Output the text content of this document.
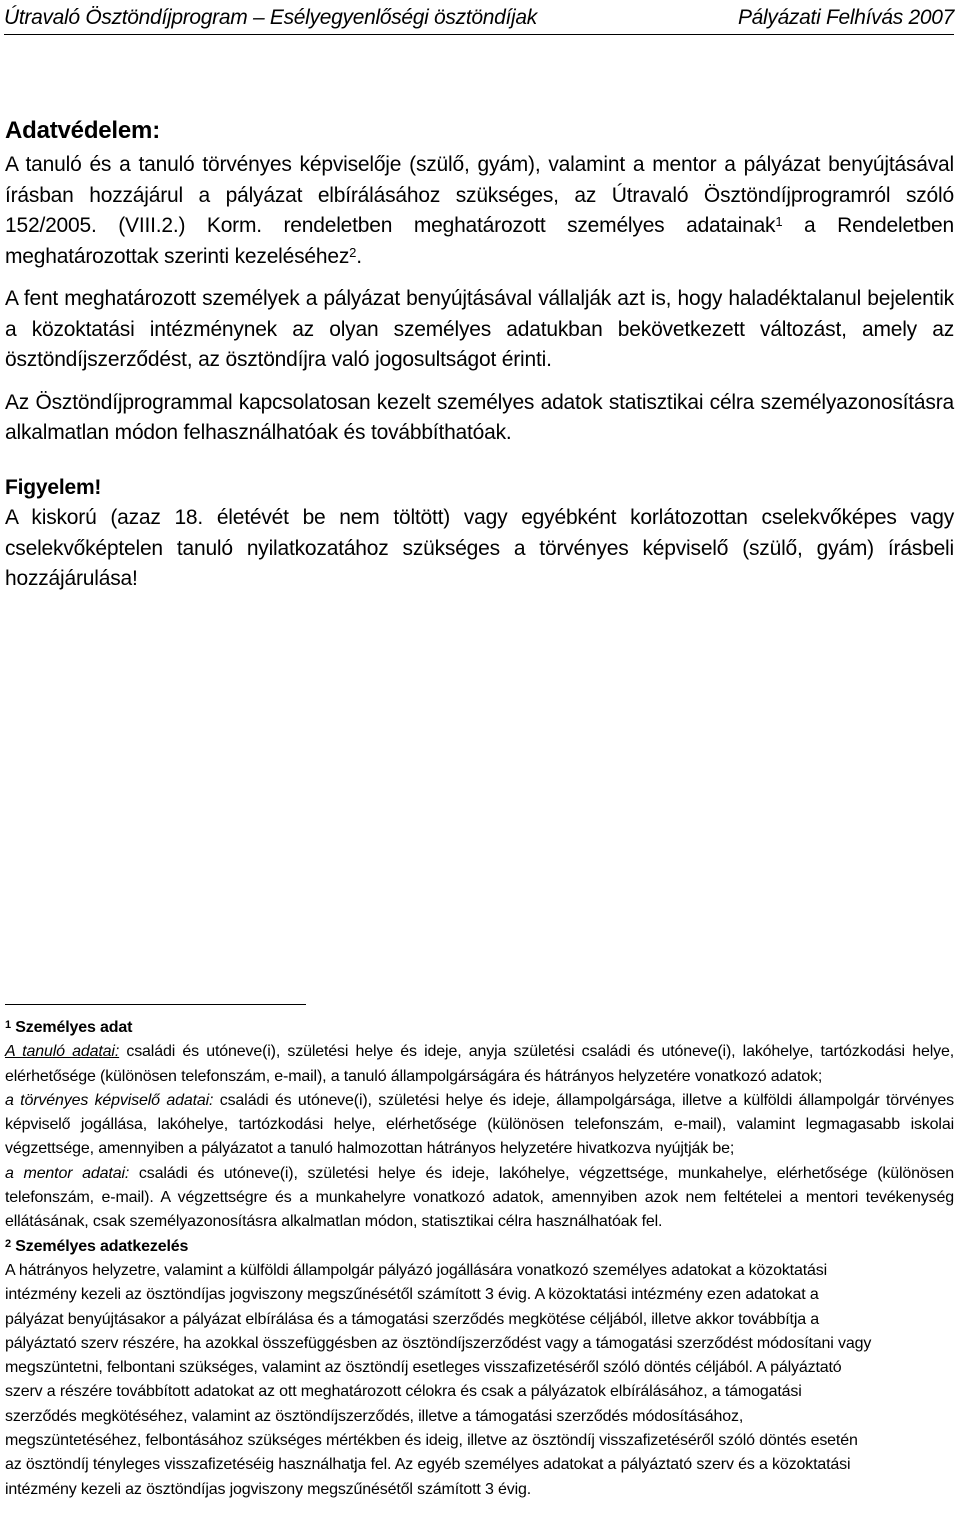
Útravaló Ösztöndíjprogram – Esélyegyenlőségi ösztöndíjak	Pályázati Felhívás 2007

Adatvédelem:

A tanuló és a tanuló törvényes képviselője (szülő, gyám), valamint a mentor a pályázat benyújtásával írásban hozzájárul a pályázat elbírálásához szükséges, az Útravaló Ösztöndíjprogramról szóló 152/2005. (VIII.2.) Korm. rendeletben meghatározott személyes adatainak$^1$ a Rendeletben meghatározottak szerinti kezeléséhez$^2$.

A fent meghatározott személyek a pályázat benyújtásával vállalják azt is, hogy haladéktalanul bejelentik a közoktatási intézménynek az olyan személyes adatukban bekövetkezett változást, amely az ösztöndíjszerződést, az ösztöndíjra való jogosultságot érinti.

Az Ösztöndíjprogrammal kapcsolatosan kezelt személyes adatok statisztikai célra személyazonosításra alkalmatlan módon felhasználhatóak és továbbíthatóak.

Figyelem!

A kiskorú (azaz 18. életévét be nem töltött) vagy egyébként korlátozottan cselekvőképes vagy cselekvőképtelen tanuló nyilatkozatához szükséges a törvényes képviselő (szülő, gyám) írásbeli hozzájárulása!

$^1$ Személyes adat

A tanuló adatai: családi és utóneve(i), születési helye és ideje, anyja születési családi és utóneve(i), lakóhelye, tartózkodási helye, elérhetősége (különösen telefonszám, e-mail), a tanuló állampolgárságára és hátrányos helyzetére vonatkozó adatok;

a törvényes képviselő adatai: családi és utóneve(i), születési helye és ideje, állampolgársága, illetve a külföldi állampolgár törvényes képviselő jogállása, lakóhelye, tartózkodási helye, elérhetősége (különösen telefonszám, e-mail), valamint legmagasabb iskolai végzettsége, amennyiben a pályázatot a tanuló halmozottan hátrányos helyzetére hivatkozva nyújtják be;

a mentor adatai: családi és utóneve(i), születési helye és ideje, lakóhelye, végzettsége, munkahelye, elérhetősége (különösen telefonszám, e-mail). A végzettségre és a munkahelyre vonatkozó adatok, amennyiben azok nem feltételei a mentori tevékenység ellátásának, csak személyazonosításra alkalmatlan módon, statisztikai célra használhatóak fel.

$^2$ Személyes adatkezelés

A hátrányos helyzetre, valamint a külföldi állampolgár pályázó jogállására vonatkozó személyes adatokat a közoktatási
intézmény kezeli az ösztöndíjas jogviszony megszűnésétől számított 3 évig. A közoktatási intézmény ezen adatokat a
pályázat benyújtásakor a pályázat elbírálása és a támogatási szerződés megkötése céljából, illetve akkor továbbítja a
pályáztató szerv részére, ha azokkal összefüggésben az ösztöndíjszerződést vagy a támogatási szerződést módosítani vagy
megszüntetni, felbontani szükséges, valamint az ösztöndíj esetleges visszafizetéséről szóló döntés céljából. A pályáztató
szerv a részére továbbított adatokat az ott meghatározott célokra és csak a pályázatok elbírálásához, a támogatási
szerződés megkötéséhez, valamint az ösztöndíjszerződés, illetve a támogatási szerződés módosításához,
megszüntetéséhez, felbontásához szükséges mértékben és ideig, illetve az ösztöndíj visszafizetéséről szóló döntés esetén
az ösztöndíj tényleges visszafizetéséig használhatja fel. Az egyéb személyes adatokat a pályáztató szerv és a közoktatási
intézmény kezeli az ösztöndíjas jogviszony megszűnésétől számított 3 évig.
